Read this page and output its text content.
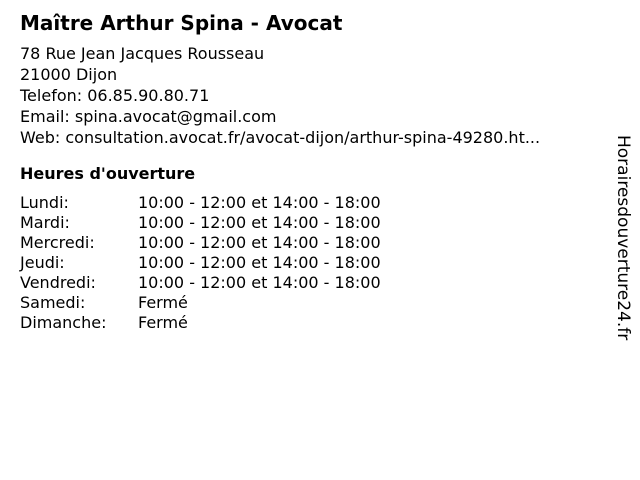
Maître Arthur Spina - Avocat
78 Rue Jean Jacques Rousseau
21000 Dijon
Telefon: 06.85.90.80.71
Email: spina.avocat@gmail.com
Web: consultation.avocat.fr/avocat-dijon/arthur-spina-49280.ht...
Heures d'ouverture
Lundi:	10:00 - 12:00 et 14:00 - 18:00
Mardi:	10:00 - 12:00 et 14:00 - 18:00
Mercredi:	10:00 - 12:00 et 14:00 - 18:00
Jeudi:	10:00 - 12:00 et 14:00 - 18:00
Vendredi:	10:00 - 12:00 et 14:00 - 18:00
Samedi:	Fermé
Dimanche:	Fermé	Horairesdouverture24.fr
